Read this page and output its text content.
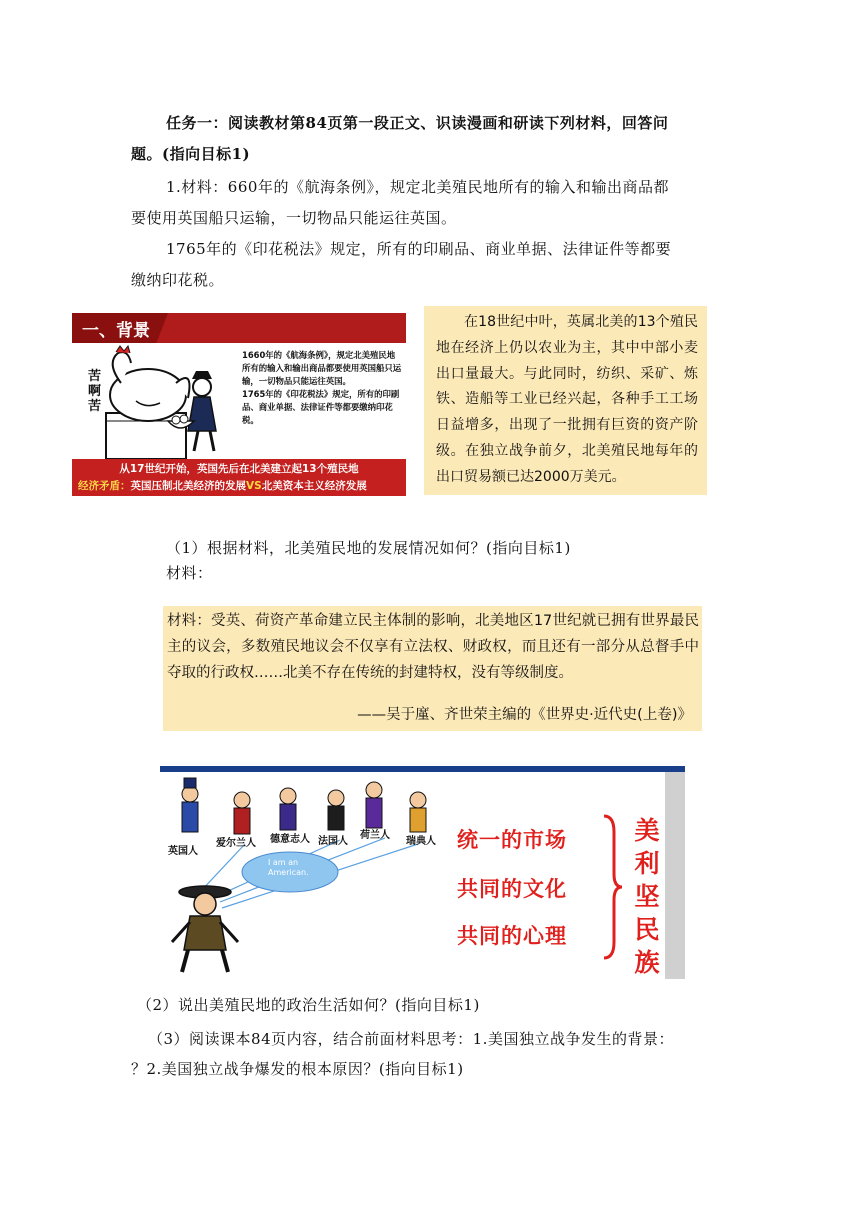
任务一：阅读教材第84页第一段正文、识读漫画和研读下列材料，回答问
题。(指向目标1)
1.材料：660年的《航海条例》，规定北美殖民地所有的输入和输出商品都
要使用英国船只运输，一切物品只能运往英国。
1765年的《印花税法》规定，所有的印刷品、商业单据、法律证件等都要
缴纳印花税。
一、背景
苦啊苦
1660年的《航海条例》，规定北美殖民地所有的输入和输出商品都要使用英国船只运输，一切物品只能运往英国。
1765年的《印花税法》规定，所有的印刷品、商业单据、法律证件等都要缴纳印花税。
从17世纪开始，英国先后在北美建立起13个殖民地
经济矛盾：英国压制北美经济的发展VS北美资本主义经济发展
在18世纪中叶，英属北美的13个殖民地在经济上仍以农业为主，其中中部小麦出口量最大。与此同时，纺织、采矿、炼铁、造船等工业已经兴起，各种手工工场日益增多，出现了一批拥有巨资的资产阶级。在独立战争前夕，北美殖民地每年的出口贸易额已达2000万美元。
（1）根据材料，北美殖民地的发展情况如何？(指向目标1)
材料：
材料：受英、荷资产革命建立民主体制的影响，北美地区17世纪就已拥有世界最民主的议会，多数殖民地议会不仅享有立法权、财政权，而且还有一部分从总督手中夺取的行政权……北美不存在传统的封建特权，没有等级制度。
——吴于廑、齐世荣主编的《世界史·近代史(上卷)》
英国人
爱尔兰人 德意志人 法国人
荷兰人
瑞典人
I am an American.
统一的市场
共同的文化
共同的心理
美利坚民族
（2）说出美殖民地的政治生活如何？(指向目标1)
（3）阅读课本84页内容，结合前面材料思考：1.美国独立战争发生的背景：
？2.美国独立战争爆发的根本原因？(指向目标1)
